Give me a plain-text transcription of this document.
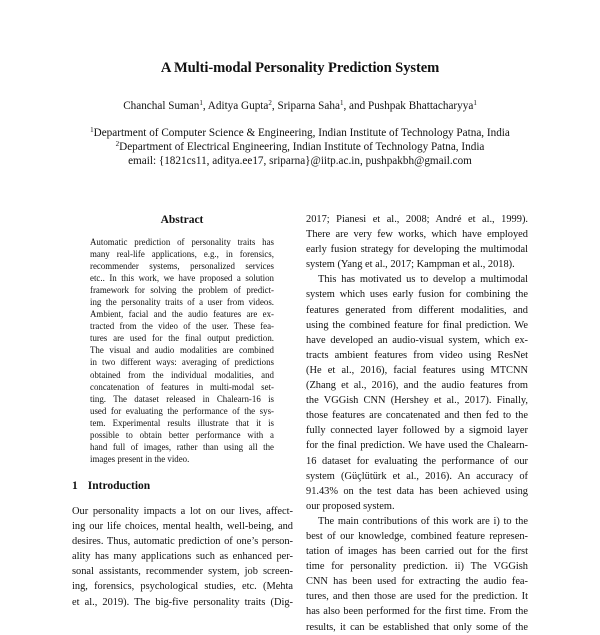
A Multi-modal Personality Prediction System
Chanchal Suman$^1$, Aditya Gupta$^2$, Sriparna Saha$^1$, and Pushpak Bhattacharyya$^1$
$^1$Department of Computer Science & Engineering, Indian Institute of Technology Patna, India
$^2$Department of Electrical Engineering, Indian Institute of Technology Patna, India
email: {1821cs11, aditya.ee17, sriparna}@iitp.ac.in, pushpakbh@gmail.com
Abstract
Automatic prediction of personality traits has
many real-life applications, e.g., in forensics,
recommender systems, personalized services
etc.. In this work, we have proposed a solution
framework for solving the problem of predict-
ing the personality traits of a user from videos.
Ambient, facial and the audio features are ex-
tracted from the video of the user. These fea-
tures are used for the final output prediction.
The visual and audio modalities are combined
in two different ways: averaging of predictions
obtained from the individual modalities, and
concatenation of features in multi-modal set-
ting. The dataset released in Chalearn-16 is
used for evaluating the performance of the sys-
tem. Experimental results illustrate that it is
possible to obtain better performance with a
hand full of images, rather than using all the
images present in the video.
1 Introduction
Our personality impacts a lot on our lives, affect-
ing our life choices, mental health, well-being, and
desires. Thus, automatic prediction of one’s person-
ality has many applications such as enhanced per-
sonal assistants, recommender system, job screen-
ing, forensics, psychological studies, etc. (Mehta
et al., 2019). The big-five personality traits (Dig-
2017; Pianesi et al., 2008; André et al., 1999).
There are very few works, which have employed
early fusion strategy for developing the multimodal
system (Yang et al., 2017; Kampman et al., 2018).
This has motivated us to develop a multimodal
system which uses early fusion for combining the
features generated from different modalities, and
using the combined feature for final prediction. We
have developed an audio-visual system, which ex-
tracts ambient features from video using ResNet
(He et al., 2016), facial features using MTCNN
(Zhang et al., 2016), and the audio features from
the VGGish CNN (Hershey et al., 2017). Finally,
those features are concatenated and then fed to the
fully connected layer followed by a sigmoid layer
for the final prediction. We have used the Chalearn-
16 dataset for evaluating the performance of our
system (Güçlütürk et al., 2016). An accuracy of
91.43% on the test data has been achieved using
our proposed system.
The main contributions of this work are i) to the
best of our knowledge, combined feature represen-
tation of images has been carried out for the first
time for personality prediction. ii) The VGGish
CNN has been used for extracting the audio fea-
tures, and then those are used for the prediction. It
has also been performed for the first time. From the
results, it can be established that only some of the
